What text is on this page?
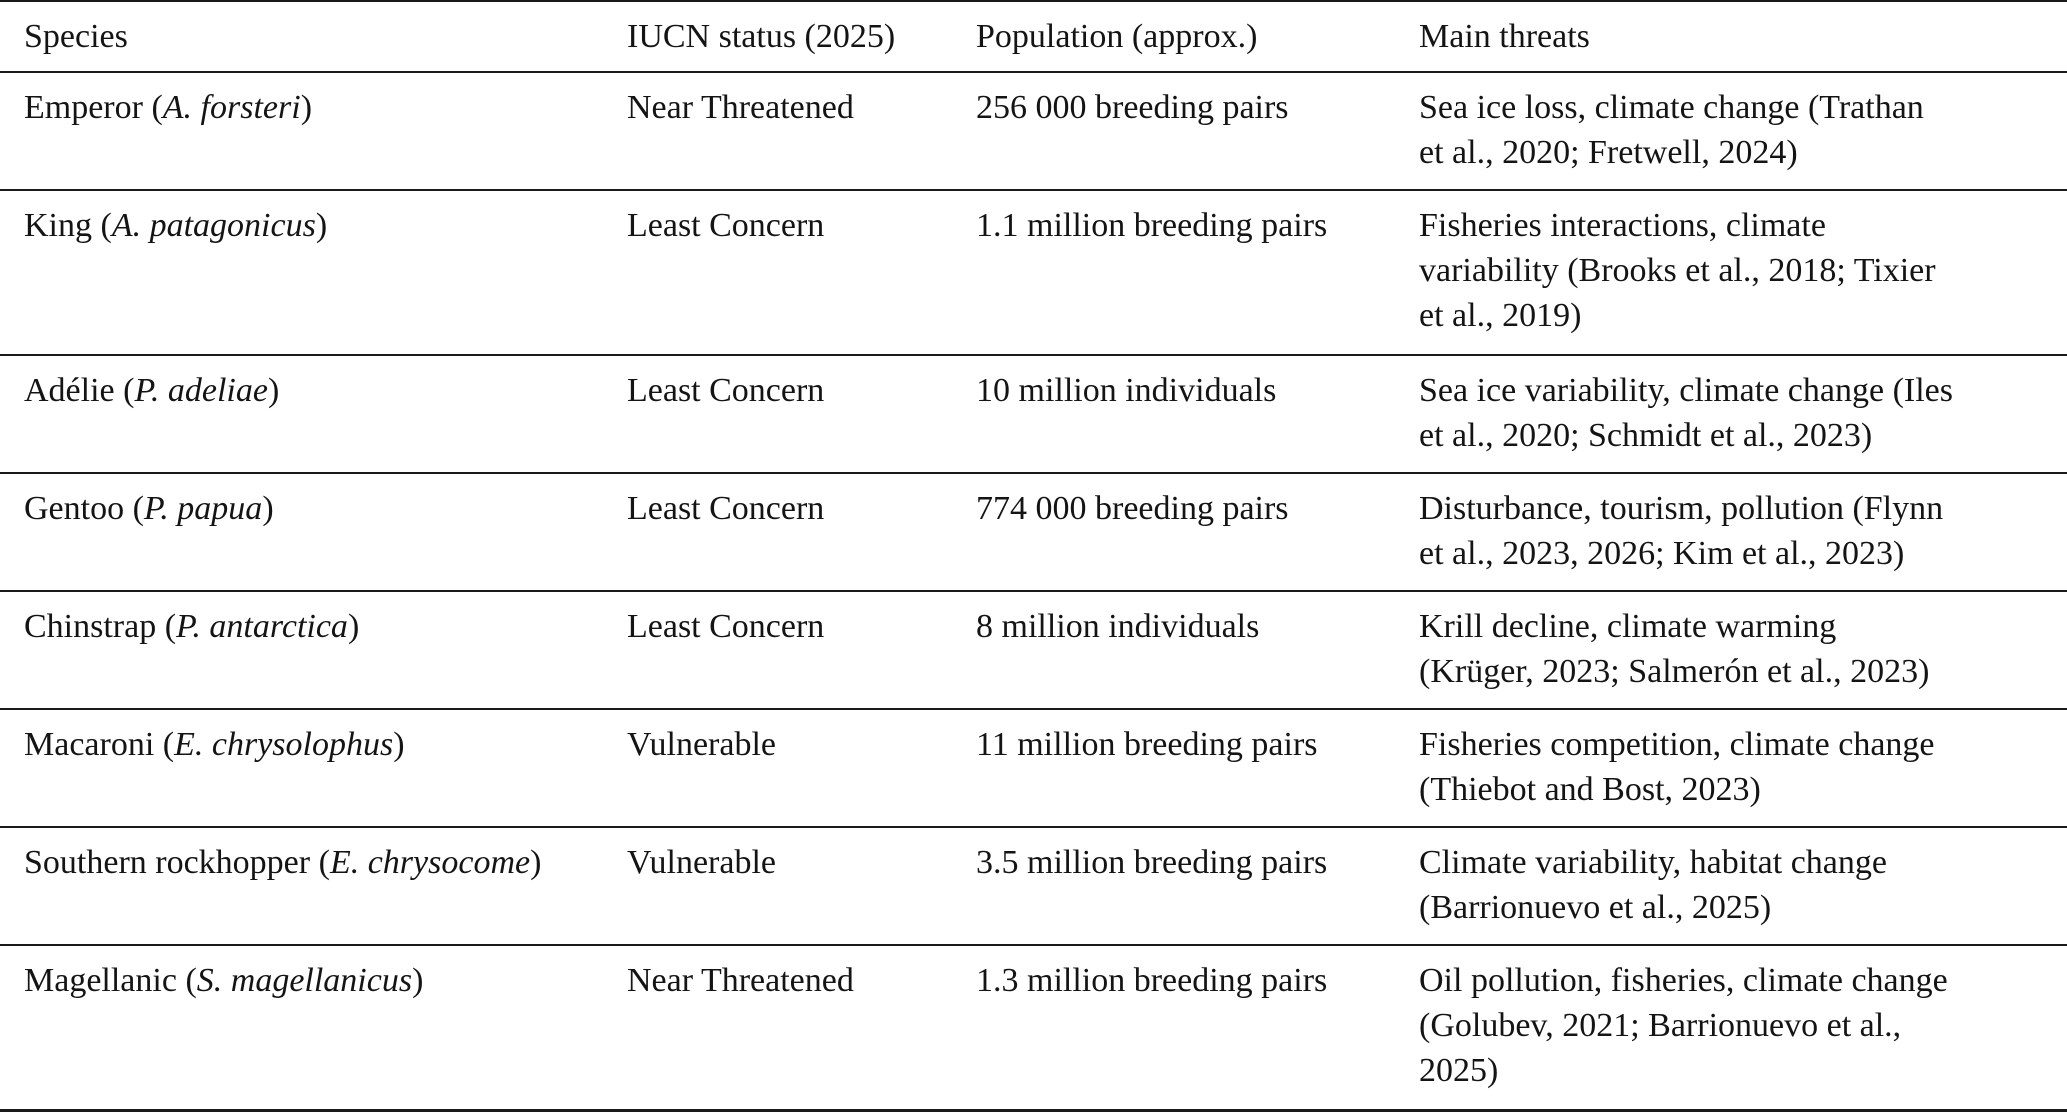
Species	IUCN status (2025)	Population (approx.)	Main threats
Emperor (A. forsteri)	Near Threatened	256 000 breeding pairs	Sea ice loss, climate change (Trathan
et al., 2020; Fretwell, 2024)
King (A. patagonicus)	Least Concern	1.1 million breeding pairs	Fisheries interactions, climate
variability (Brooks et al., 2018; Tixier
et al., 2019)
Adélie (P. adeliae)	Least Concern	10 million individuals	Sea ice variability, climate change (Iles
et al., 2020; Schmidt et al., 2023)
Gentoo (P. papua)	Least Concern	774 000 breeding pairs	Disturbance, tourism, pollution (Flynn
et al., 2023, 2026; Kim et al., 2023)
Chinstrap (P. antarctica)	Least Concern	8 million individuals	Krill decline, climate warming
(Krüger, 2023; Salmerón et al., 2023)
Macaroni (E. chrysolophus)	Vulnerable	11 million breeding pairs	Fisheries competition, climate change
(Thiebot and Bost, 2023)
Southern rockhopper (E. chrysocome)	Vulnerable	3.5 million breeding pairs	Climate variability, habitat change
(Barrionuevo et al., 2025)
Magellanic (S. magellanicus)	Near Threatened	1.3 million breeding pairs	Oil pollution, fisheries, climate change
(Golubev, 2021; Barrionuevo et al.,
2025)
